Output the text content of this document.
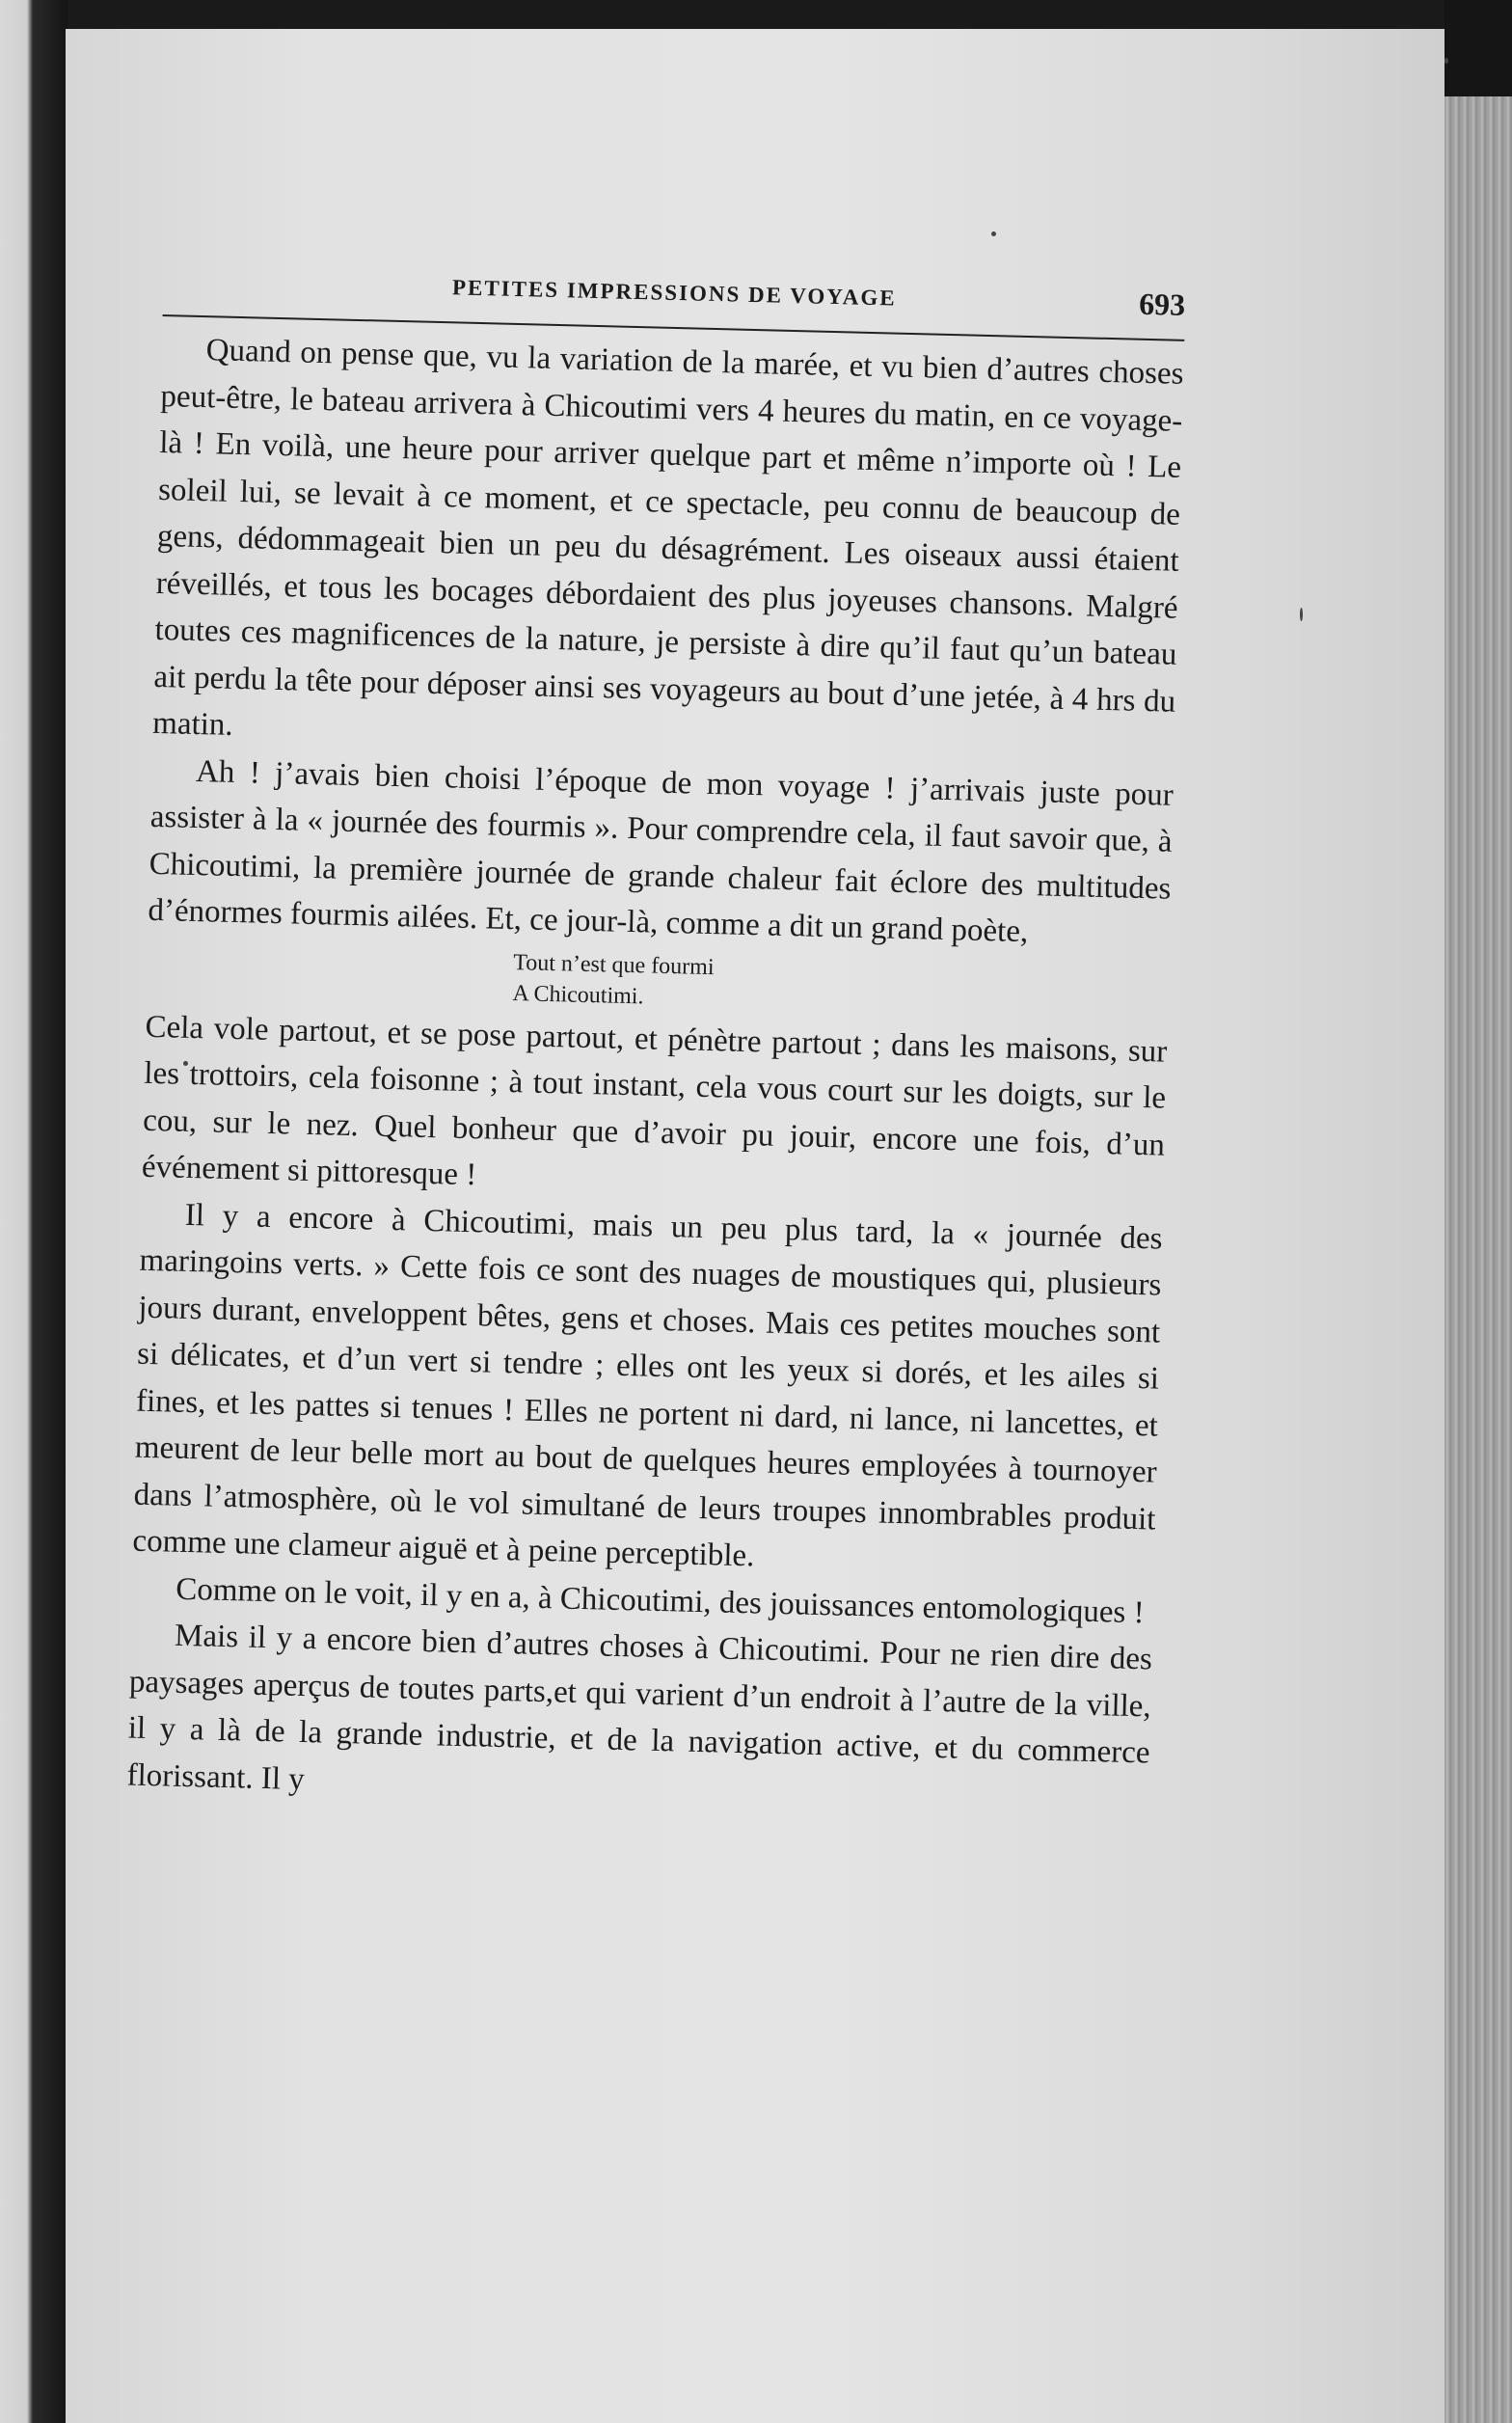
PETITES IMPRESSIONS DE VOYAGE	693

Quand on pense que, vu la variation de la marée, et vu bien d’autres choses peut-être, le bateau arrivera à Chicoutimi vers 4 heures du matin, en ce voyage-là ! En voilà, une heure pour arriver quelque part et même n’importe où ! Le soleil lui, se levait à ce moment, et ce spectacle, peu connu de beaucoup de gens, dédommageait bien un peu du désagrément. Les oiseaux aussi étaient réveillés, et tous les bocages débordaient des plus joyeuses chansons. Malgré toutes ces magnificences de la nature, je persiste à dire qu’il faut qu’un bateau ait perdu la tête pour déposer ainsi ses voyageurs au bout d’une jetée, à 4 hrs du matin.

Ah ! j’avais bien choisi l’époque de mon voyage ! j’arrivais juste pour assister à la « journée des fourmis ». Pour comprendre cela, il faut savoir que, à Chicoutimi, la première journée de grande chaleur fait éclore des multitudes d’énormes fourmis ailées. Et, ce jour-là, comme a dit un grand poète,

Tout n’est que fourmi
A Chicoutimi.

Cela vole partout, et se pose partout, et pénètre partout ; dans les maisons, sur les trottoirs, cela foisonne ; à tout instant, cela vous court sur les doigts, sur le cou, sur le nez. Quel bonheur que d’avoir pu jouir, encore une fois, d’un événement si pittoresque !

Il y a encore à Chicoutimi, mais un peu plus tard, la « journée des maringoins verts. » Cette fois ce sont des nuages de moustiques qui, plusieurs jours durant, enveloppent bêtes, gens et choses. Mais ces petites mouches sont si délicates, et d’un vert si tendre ; elles ont les yeux si dorés, et les ailes si fines, et les pattes si tenues ! Elles ne portent ni dard, ni lance, ni lancettes, et meurent de leur belle mort au bout de quelques heures employées à tournoyer dans l’atmosphère, où le vol simultané de leurs troupes innombrables produit comme une clameur aiguë et à peine perceptible.

Comme on le voit, il y en a, à Chicoutimi, des jouissances entomologiques !

Mais il y a encore bien d’autres choses à Chicoutimi. Pour ne rien dire des paysages aperçus de toutes parts,et qui varient d’un endroit à l’autre de la ville, il y a là de la grande industrie, et de la navigation active, et du commerce florissant. Il y
